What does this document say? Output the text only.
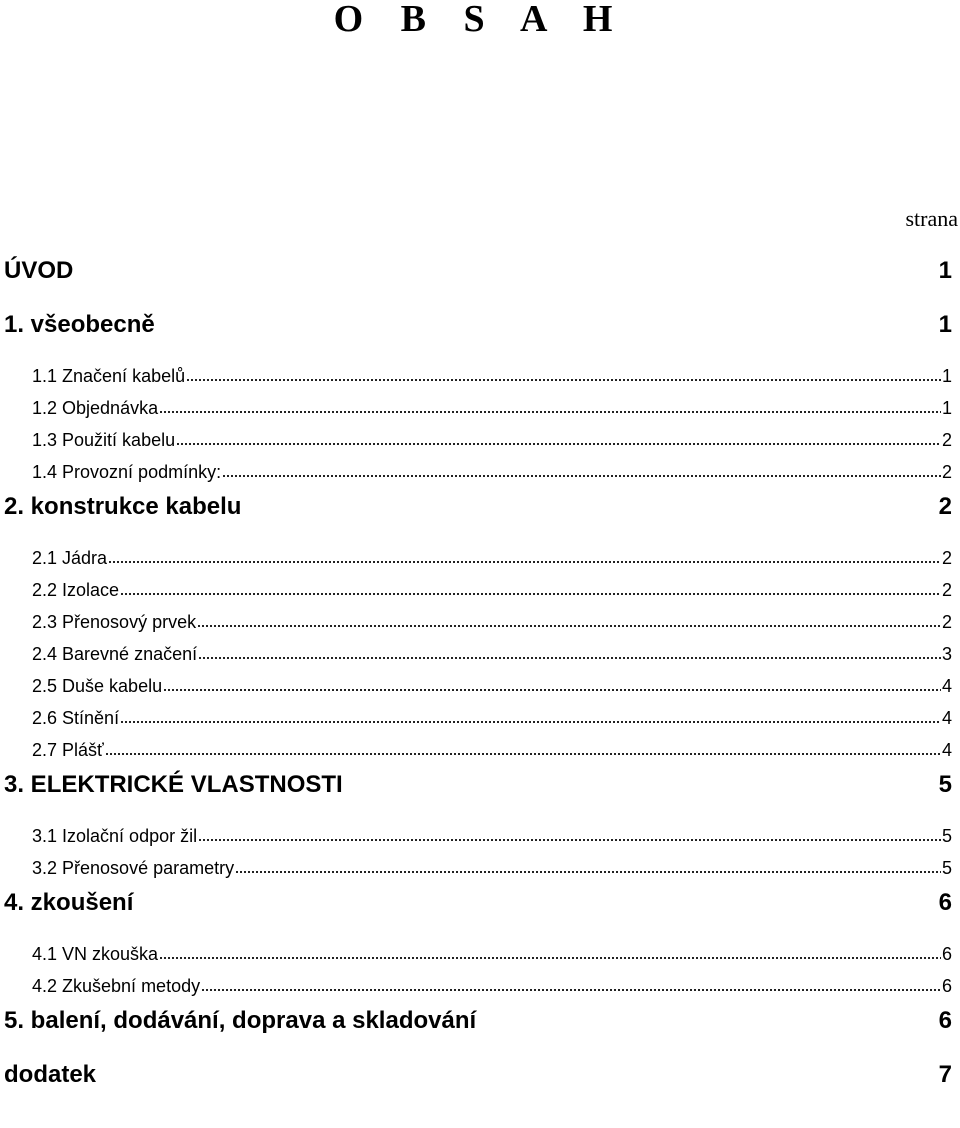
O B S A H
strana
ÚVOD	1
1. všeobecně	1
1.1 Značení kabelů	1
1.2 Objednávka	1
1.3 Použití kabelu	2
1.4 Provozní podmínky:	2
2. konstrukce kabelu	2
2.1 Jádra	2
2.2 Izolace	2
2.3 Přenosový prvek	2
2.4 Barevné značení	3
2.5 Duše kabelu	4
2.6 Stínění	4
2.7 Plášť	4
3. ELEKTRICKÉ VLASTNOSTI	5
3.1 Izolační odpor žil	5
3.2 Přenosové parametry	5
4. zkoušení	6
4.1 VN zkouška	6
4.2 Zkušební metody	6
5. balení, dodávání, doprava a skladování	6
dodatek	7
